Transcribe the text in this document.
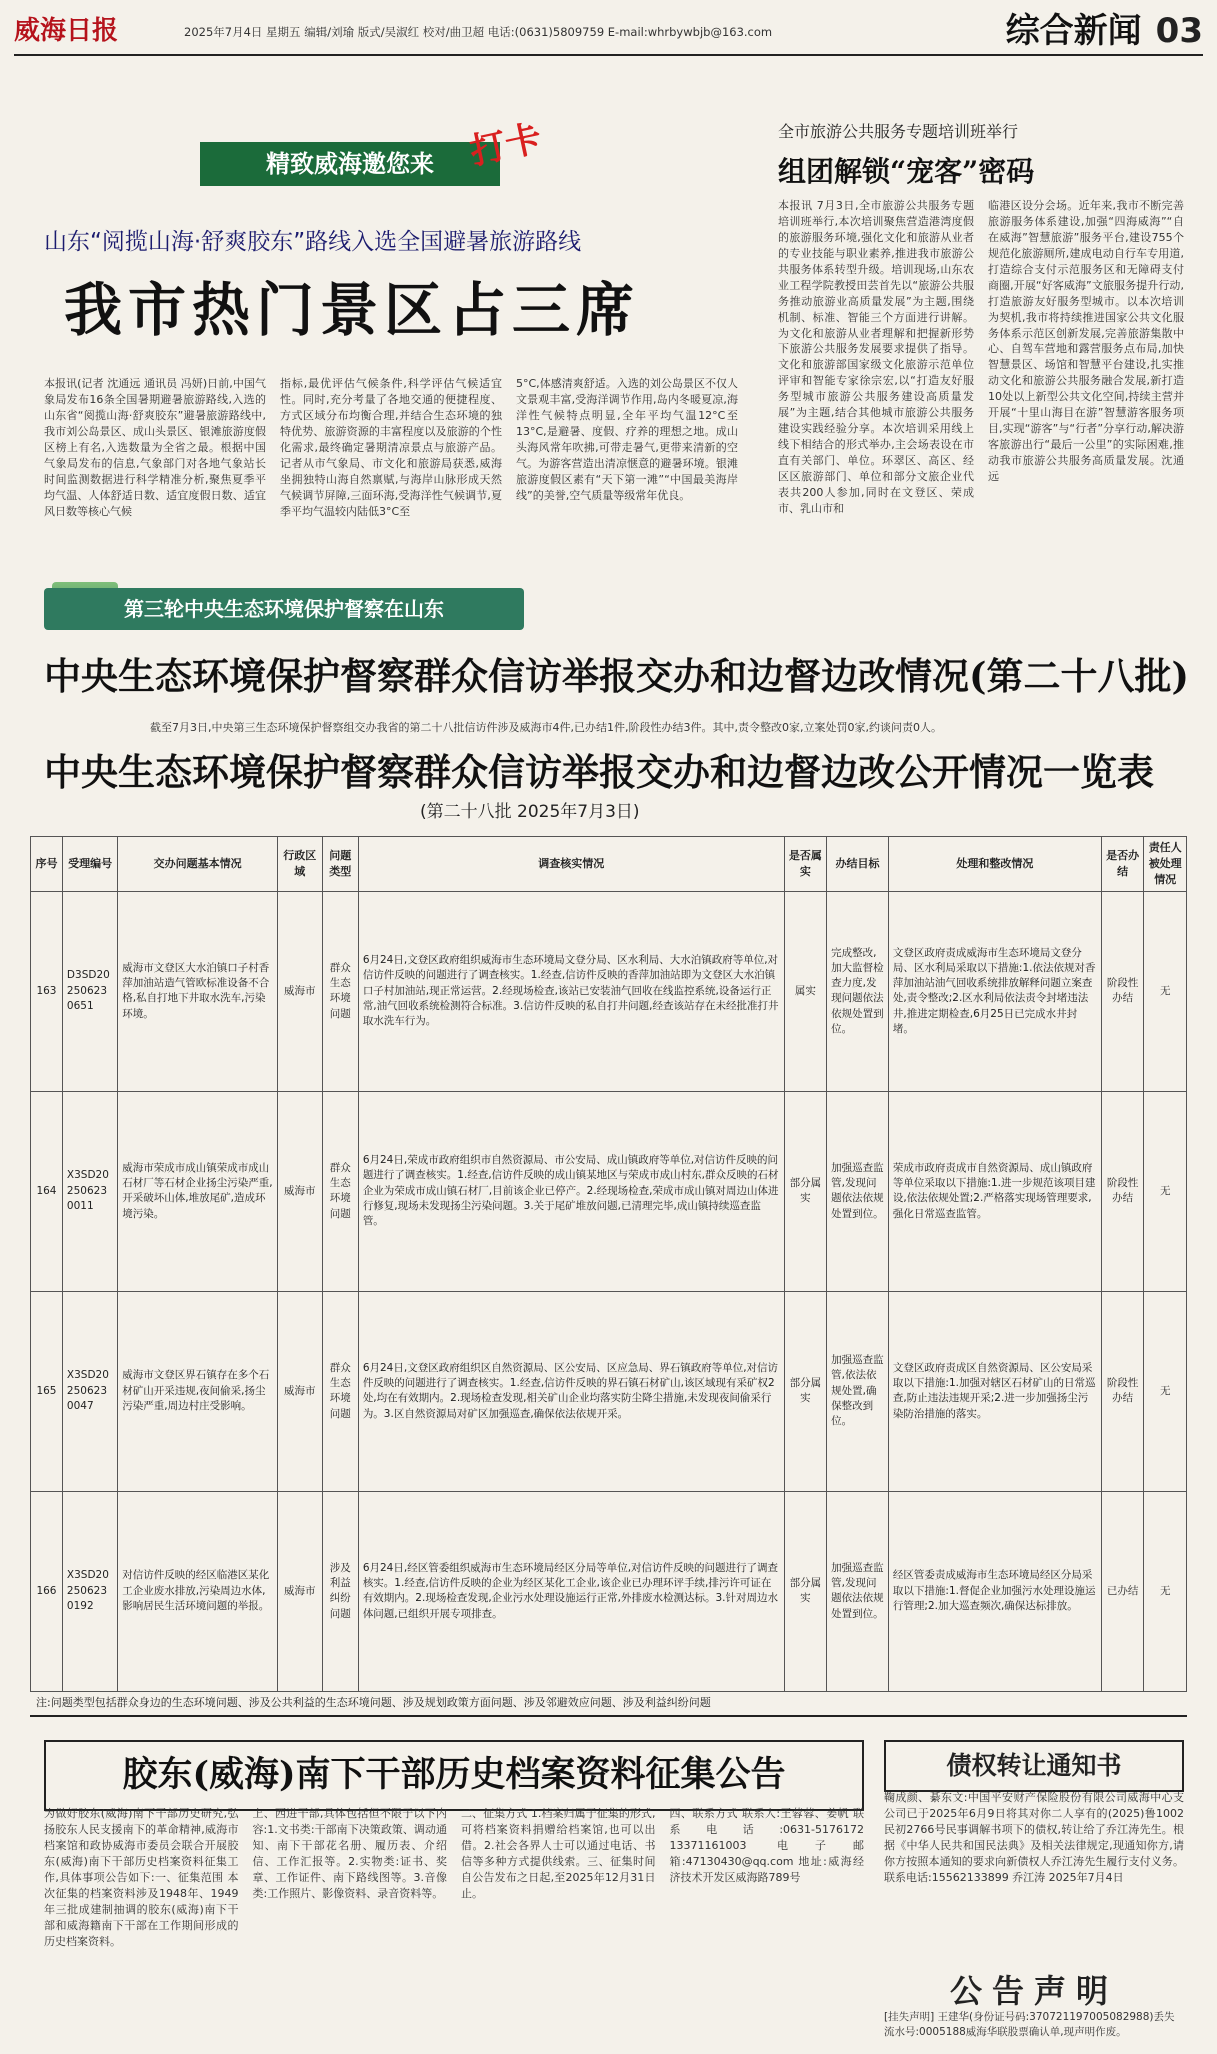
威海日报	2025年7月4日 星期五 编辑/刘瑜 版式/吴淑红 校对/曲卫超 电话:(0631)5809759 E-mail:whrbywbjb@163.com	综合新闻 03
精致威海邀您来 打卡
山东“阅揽山海·舒爽胶东”路线入选全国避暑旅游路线
我市热门景区占三席
本报讯(记者 沈通远 通讯员 冯妍)日前,中国气象局发布16条全国暑期避暑旅游路线,入选的山东省“阅揽山海·舒爽胶东”避暑旅游路线中,我市刘公岛景区、成山头景区、银滩旅游度假区榜上有名,入选数量为全省之最。根据中国气象局发布的信息,气象部门对各地气象站长时间监测数据进行科学精准分析,聚焦夏季平均气温、人体舒适日数、适宜度假日数、适宜风日数等核心气候
指标,最优评估气候条件,科学评估气候适宜性。同时,充分考量了各地交通的便捷程度、方式区域分布均衡合理,并结合生态环境的独特优势、旅游资源的丰富程度以及旅游的个性化需求,最终确定暑期清凉景点与旅游产品。记者从市气象局、市文化和旅游局获悉,威海坐拥独特山海自然禀赋,与海岸山脉形成天然气候调节屏障,三面环海,受海洋性气候调节,夏季平均气温较内陆低3°C至
5°C,体感清爽舒适。入选的刘公岛景区不仅人文景观丰富,受海洋调节作用,岛内冬暖夏凉,海洋性气候特点明显,全年平均气温12°C至13°C,是避暑、度假、疗养的理想之地。成山头海风常年吹拂,可带走暑气,更带来清新的空气。为游客营造出清凉惬意的避暑环境。银滩旅游度假区素有“天下第一滩”“中国最美海岸线”的美誉,空气质量等级常年优良。
全市旅游公共服务专题培训班举行
组团解锁“宠客”密码
本报讯 7月3日,全市旅游公共服务专题培训班举行,本次培训聚焦营造港湾度假的旅游服务环境,强化文化和旅游从业者的专业技能与职业素养,推进我市旅游公共服务体系转型升级。培训现场,山东农业工程学院教授田芸首先以“旅游公共服务推动旅游业高质量发展”为主题,围绕机制、标准、智能三个方面进行讲解。为文化和旅游从业者理解和把握新形势下旅游公共服务发展要求提供了指导。文化和旅游部国家级文化旅游示范单位评审和智能专家徐宗宏,以“打造友好服务型城市旅游公共服务建设高质量发展”为主题,结合其他城市旅游公共服务建设实践经验分享。本次培训采用线上线下相结合的形式举办,主会场表设在市直有关部门、单位。环翠区、高区、经区区旅游部门、单位和部分文旅企业代表共200人参加,同时在文登区、荣成市、乳山市和
临港区设分会场。近年来,我市不断完善旅游服务体系建设,加强“四海威海”“自在威海”智慧旅游”服务平台,建设755个规范化旅游厕所,建成电动自行车专用道,打造综合支付示范服务区和无障碍支付商圈,开展“好客威海”文旅服务提升行动,打造旅游友好服务型城市。以本次培训为契机,我市将持续推进国家公共文化服务体系示范区创新发展,完善旅游集散中心、自驾车营地和露营服务点布局,加快智慧景区、场馆和智慧平台建设,扎实推动文化和旅游公共服务融合发展,新打造10处以上新型公共文化空间,持续主营并开展“十里山海目在游”智慧游客服务项目,实现“游客”与“行者”分享行动,解决游客旅游出行“最后一公里”的实际困难,推动我市旅游公共服务高质量发展。沈通远
第三轮中央生态环境保护督察在山东
中央生态环境保护督察群众信访举报交办和边督边改情况(第二十八批)
截至7月3日,中央第三生态环境保护督察组交办我省的第二十八批信访件涉及威海市4件,已办结1件,阶段性办结3件。其中,责令整改0家,立案处罚0家,约谈问责0人。
中央生态环境保护督察群众信访举报交办和边督边改公开情况一览表
(第二十八批 2025年7月3日)
序号	受理编号	交办问题基本情况	行政区域	问题类型	调查核实情况	是否属实	办结目标	处理和整改情况	是否办结	责任人被处理情况
163	D3SD202506230651	威海市文登区大水泊镇口子村香萍加油站造气管欧标准设备不合格,私自打地下井取水洗车,污染环境。	威海市	群众生态环境问题	6月24日,文登区政府组织威海市生态环境局文登分局、区水利局、大水泊镇政府等单位,对信访件反映的问题进行了调查核实。1.经查,信访件反映的香萍加油站即为文登区大水泊镇口子村加油站,现正常运营。2.经现场检查,该站已安装油气回收在线监控系统,设备运行正常,油气回收系统检测符合标准。3.信访件反映的私自打井问题,经查该站存在未经批准打井取水洗车行为。	属实	完成整改,加大监督检查力度,发现问题依法依规处置到位。	文登区政府责成威海市生态环境局文登分局、区水利局采取以下措施:1.依法依规对香萍加油站油气回收系统排放解释问题立案查处,责令整改;2.区水利局依法责令封堵违法井,推进定期检查,6月25日已完成水井封堵。	阶段性办结	无
164	X3SD202506230011	威海市荣成市成山镇荣成市成山石材厂等石材企业扬尘污染严重,开采破坏山体,堆放尾矿,造成环境污染。	威海市	群众生态环境问题	6月24日,荣成市政府组织市自然资源局、市公安局、成山镇政府等单位,对信访件反映的问题进行了调查核实。1.经查,信访件反映的成山镇某地区与荣成市成山村东,群众反映的石材企业为荣成市成山镇石材厂,目前该企业已停产。2.经现场检查,荣成市成山镇对周边山体进行修复,现场未发现扬尘污染问题。3.关于尾矿堆放问题,已清理完毕,成山镇持续巡查监管。	部分属实	加强巡查监管,发现问题依法依规处置到位。	荣成市政府责成市自然资源局、成山镇政府等单位采取以下措施:1.进一步规范该项目建设,依法依规处置;2.严格落实现场管理要求,强化日常巡查监管。	阶段性办结	无
165	X3SD202506230047	威海市文登区界石镇存在多个石材矿山开采违规,夜间偷采,扬尘污染严重,周边村庄受影响。	威海市	群众生态环境问题	6月24日,文登区政府组织区自然资源局、区公安局、区应急局、界石镇政府等单位,对信访件反映的问题进行了调查核实。1.经查,信访件反映的界石镇石材矿山,该区域现有采矿权2处,均在有效期内。2.现场检查发现,相关矿山企业均落实防尘降尘措施,未发现夜间偷采行为。3.区自然资源局对矿区加强巡查,确保依法依规开采。	部分属实	加强巡查监管,依法依规处置,确保整改到位。	文登区政府责成区自然资源局、区公安局采取以下措施:1.加强对辖区石材矿山的日常巡查,防止违法违规开采;2.进一步加强扬尘污染防治措施的落实。	阶段性办结	无
166	X3SD202506230192	对信访件反映的经区临港区某化工企业废水排放,污染周边水体,影响居民生活环境问题的举报。	威海市	涉及利益纠纷问题	6月24日,经区管委组织威海市生态环境局经区分局等单位,对信访件反映的问题进行了调查核实。1.经查,信访件反映的企业为经区某化工企业,该企业已办理环评手续,排污许可证在有效期内。2.现场检查发现,企业污水处理设施运行正常,外排废水检测达标。3.针对周边水体问题,已组织开展专项排查。	部分属实	加强巡查监管,发现问题依法依规处置到位。	经区管委责成威海市生态环境局经区分局采取以下措施:1.督促企业加强污水处理设施运行管理;2.加大巡查频次,确保达标排放。	已办结	无
注:问题类型包括群众身边的生态环境问题、涉及公共利益的生态环境问题、涉及规划政策方面问题、涉及邻避效应问题、涉及利益纠纷问题
胶东(威海)南下干部历史档案资料征集公告
为做好胶东(威海)南下干部历史研究,弘扬胶东人民支援南下的革命精神,威海市档案馆和政协威海市委员会联合开展胶东(威海)南下干部历史档案资料征集工作,具体事项公告如下:一、征集范围 本次征集的档案资料涉及1948年、1949年三批成建制抽调的胶东(威海)南下干部和威海籍南下干部在工作期间形成的历史档案资料。
上、西进干部,具体包括但不限于以下内容:1.文书类:干部南下决策政策、调动通知、南下干部花名册、履历表、介绍信、工作汇报等。2.实物类:证书、奖章、工作证件、南下路线图等。3.音像类:工作照片、影像资料、录音资料等。
二、征集方式 1.档案归属于征集的形式,可将档案资料捐赠给档案馆,也可以出借。2.社会各界人士可以通过电话、书信等多种方式提供线索。三、征集时间 自公告发布之日起,至2025年12月31日止。
四、联系方式 联系人:王蓉蓉、姜帆 联系电话:0631-5176172 13371161003 电子邮箱:47130430@qq.com 地址:威海经济技术开发区威海路789号
债权转让通知书
鞠成颜、綦东文:中国平安财产保险股份有限公司威海中心支公司已于2025年6月9日将其对你二人享有的(2025)鲁1002民初2766号民事调解书项下的债权,转让给了乔江涛先生。根据《中华人民共和国民法典》及相关法律规定,现通知你方,请你方按照本通知的要求向新债权人乔江涛先生履行支付义务。联系电话:15562133899 乔江涛 2025年7月4日
公告声明
[挂失声明] 王建华(身份证号码:370721197005082988)丢失流水号:0005188威海华联股票确认单,现声明作废。
